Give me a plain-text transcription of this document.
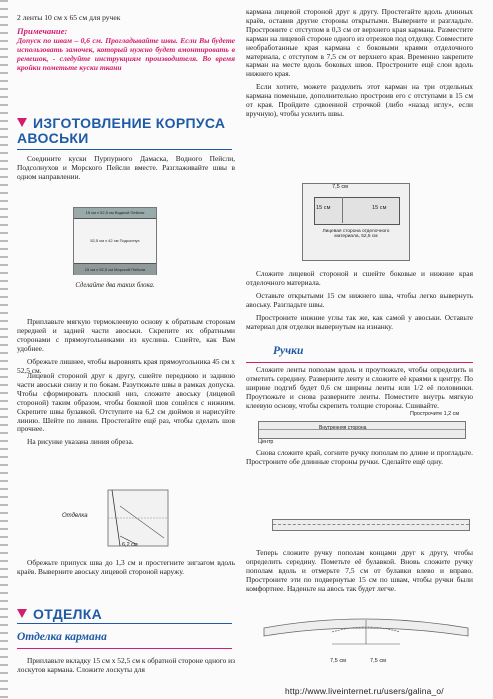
2 ленты 10 см х 65 см для ручек
Примечание:
Допуск по швам – 0,6 см. Прогладывайте швы. Если Вы будете использовать замочек, который нужно будет вмонтировать в ремешок, - следуйте инструкциям производителя. Во время кройки пометьте куски ткани
ИЗГОТОВЛЕНИЕ КОРПУСА АВОСЬКИ

Соедините куски Пурпурного Дамаска, Водного Пейсли, Подсолнухов и Морского Пейсли вместе. Разглаживайте швы в одном направлении.

15 см х 52,5 см Водный Пейсли
52,5 см х 42 см Подсолнух
15 см х 52,5 см Морской Пейсли
Сделайте два таких блока.

Приплавьте мягкую термоклеевую основу к обратным сторонам передней и задней части авоськи. Скрепите их обратными сторонами с прямоугольниками из куслина. Сшейте, как Вам удобнее.

Обрежьте лишнее, чтобы выровнять края прямоугольника 45 см х 52,5 см.

Лицевой стороной друг к другу, сшейте переднюю и заднюю части авоськи снизу и по бокам. Разутюжьте швы в рамках допуска. Чтобы сформировать плоский низ, сложите авоську (лицевой стороной) таким образом, чтобы боковой шов сошёлся с нижним. Скрепите швы булавкой. Отступите на 6,2 см дюймов и нарисуйте линию. Шейте по линии. Простегайте ещё раз, чтобы сделать шов прочнее.

На рисунке указана линия обреза.

Отделка
6,2 см

Обрежьте припуск шва до 1,3 см и простегните зигзагом вдоль краёв. Выверните авоську лицевой стороной наружу.

ОТДЕЛКА
Отделка кармана

Приплавьте вкладку 15 см х 52,5 см к обратной стороне одного из лоскутов кармана. Сложите лоскуты для

кармана лицевой стороной друг к другу. Простегайте вдоль длинных краёв, оставив другие стороны открытыми. Выверните и разгладьте. Простроните с отступом в 0,3 см от верхнего края кармана. Разместите карман на лицевой стороне одного из отрезков под отделку. Совместите необработанные края кармана с боковыми краями отделочного материала, с отступом в 7,5 см от верхнего края. Временно закрепите карман на месте вдоль боковых швов. Простроните ещё слои вдоль нижнего края.

Если хотите, можете разделить этот карман на три отдельных кармана поменьше, дополнительно простроив его с отступами в 15 см от края. Пройдите сдвоенной строчкой (либо «назад иглу», если вручную), чтобы усилить швы.

7,5 см
15 см	15 см
Лицевая сторона отделочного материала, 52,5 см

Сложите лицевой стороной и сшейте боковые и нижние края отделочного материала.

Оставьте открытыми 15 см нижнего шва, чтобы легко вывернуть авоську. Разгладьте швы.

Простроните нижние углы так же, как самой у авоськи. Оставьте материал для отделки вывернутым на изнанку.

Ручки

Сложите ленты пополам вдоль и проутюжьте, чтобы определить и отметить середину. Разверните ленту и сложите её краями к центру. По ширине подгиб будет 0,6 см ширины ленты или 1/2 её половинки. Проутюжьте и снова разверните ленты. Поместите внутрь мягкую клеевую основу, чтобы скрепить толщие стороны. Сшивайте.

Прострочите 1,2 см
Внутренняя сторона
Центр

Снова сложите край, согните ручку пополам по длине и прогладьте. Простроните обе длинные стороны ручки. Сделайте ещё одну.

Теперь сложите ручку пополам концами друг к другу, чтобы определить середину. Пометьте её булавкой. Вновь сложите ручку пополам вдоль и отмерьте 7,5 см от булавки влево и вправо. Простроните эти по подвернутые 15 см по швам, чтобы ручки были комфортнее. Наденьте на авось так будет легче.

7,5 см	7,5 см
http://www.liveinternet.ru/users/galina_o/
